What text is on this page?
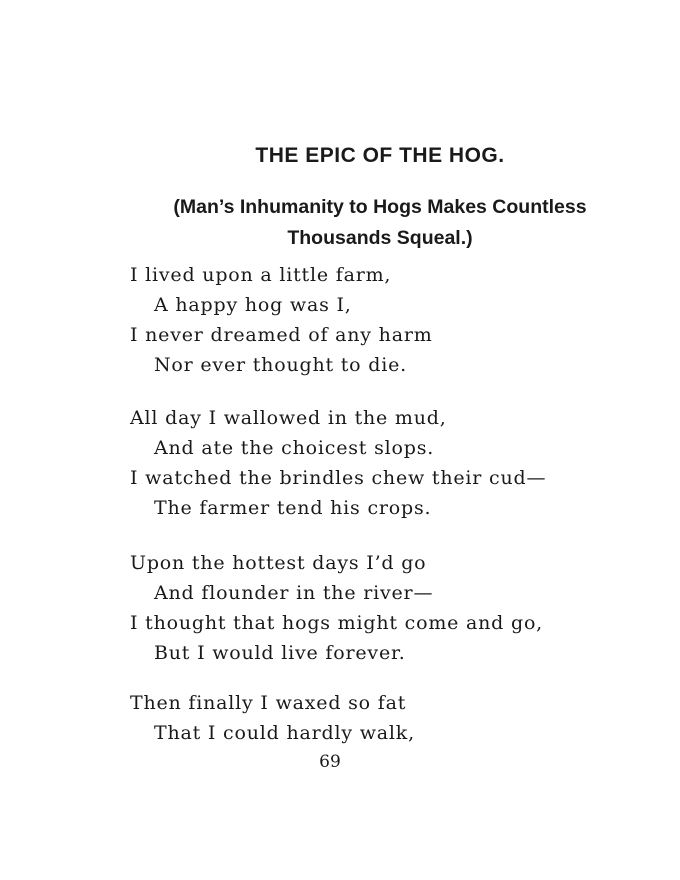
THE EPIC OF THE HOG.
(Man’s Inhumanity to Hogs Makes Countless
Thousands Squeal.)
I lived upon a little farm,
A happy hog was I,
I never dreamed of any harm
Nor ever thought to die.
All day I wallowed in the mud,
And ate the choicest slops.
I watched the brindles chew their cud—
The farmer tend his crops.
Upon the hottest days I’d go
And flounder in the river—
I thought that hogs might come and go,
But I would live forever.
Then finally I waxed so fat
That I could hardly walk,
69
